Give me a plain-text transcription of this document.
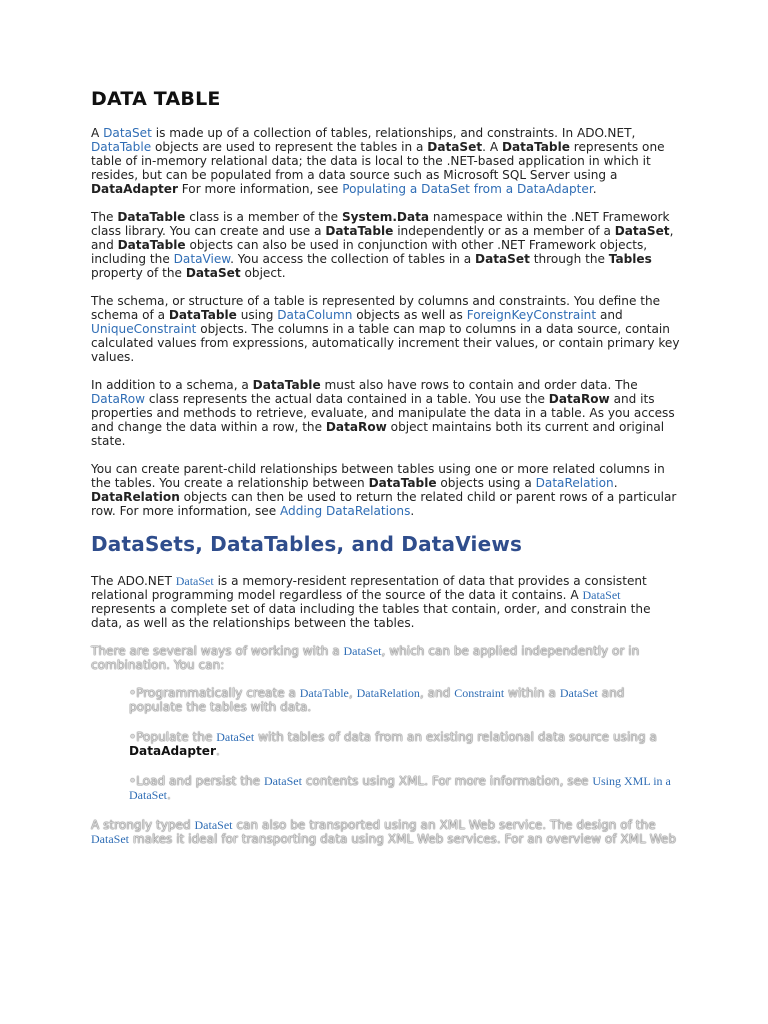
DATA TABLE

A DataSet is made up of a collection of tables, relationships, and constraints. In ADO.NET, DataTable objects are used to represent the tables in a DataSet. A DataTable represents one table of in-memory relational data; the data is local to the .NET-based application in which it resides, but can be populated from a data source such as Microsoft SQL Server using a DataAdapter For more information, see Populating a DataSet from a DataAdapter.

The DataTable class is a member of the System.Data namespace within the .NET Framework class library. You can create and use a DataTable independently or as a member of a DataSet, and DataTable objects can also be used in conjunction with other .NET Framework objects, including the DataView. You access the collection of tables in a DataSet through the Tables property of the DataSet object.

The schema, or structure of a table is represented by columns and constraints. You define the schema of a DataTable using DataColumn objects as well as ForeignKeyConstraint and UniqueConstraint objects. The columns in a table can map to columns in a data source, contain calculated values from expressions, automatically increment their values, or contain primary key values.

In addition to a schema, a DataTable must also have rows to contain and order data. The DataRow class represents the actual data contained in a table. You use the DataRow and its properties and methods to retrieve, evaluate, and manipulate the data in a table. As you access and change the data within a row, the DataRow object maintains both its current and original state.

You can create parent-child relationships between tables using one or more related columns in the tables. You create a relationship between DataTable objects using a DataRelation. DataRelation objects can then be used to return the related child or parent rows of a particular row. For more information, see Adding DataRelations.

DataSets, DataTables, and DataViews

The ADO.NET DataSet is a memory-resident representation of data that provides a consistent relational programming model regardless of the source of the data it contains. A DataSet represents a complete set of data including the tables that contain, order, and constrain the data, as well as the relationships between the tables.

There are several ways of working with a DataSet, which can be applied independently or in combination. You can:

•Programmatically create a DataTable, DataRelation, and Constraint within a DataSet and populate the tables with data.
•Populate the DataSet with tables of data from an existing relational data source using a DataAdapter.
•Load and persist the DataSet contents using XML. For more information, see Using XML in a DataSet.

A strongly typed DataSet can also be transported using an XML Web service. The design of the DataSet makes it ideal for transporting data using XML Web services. For an overview of XML Web
